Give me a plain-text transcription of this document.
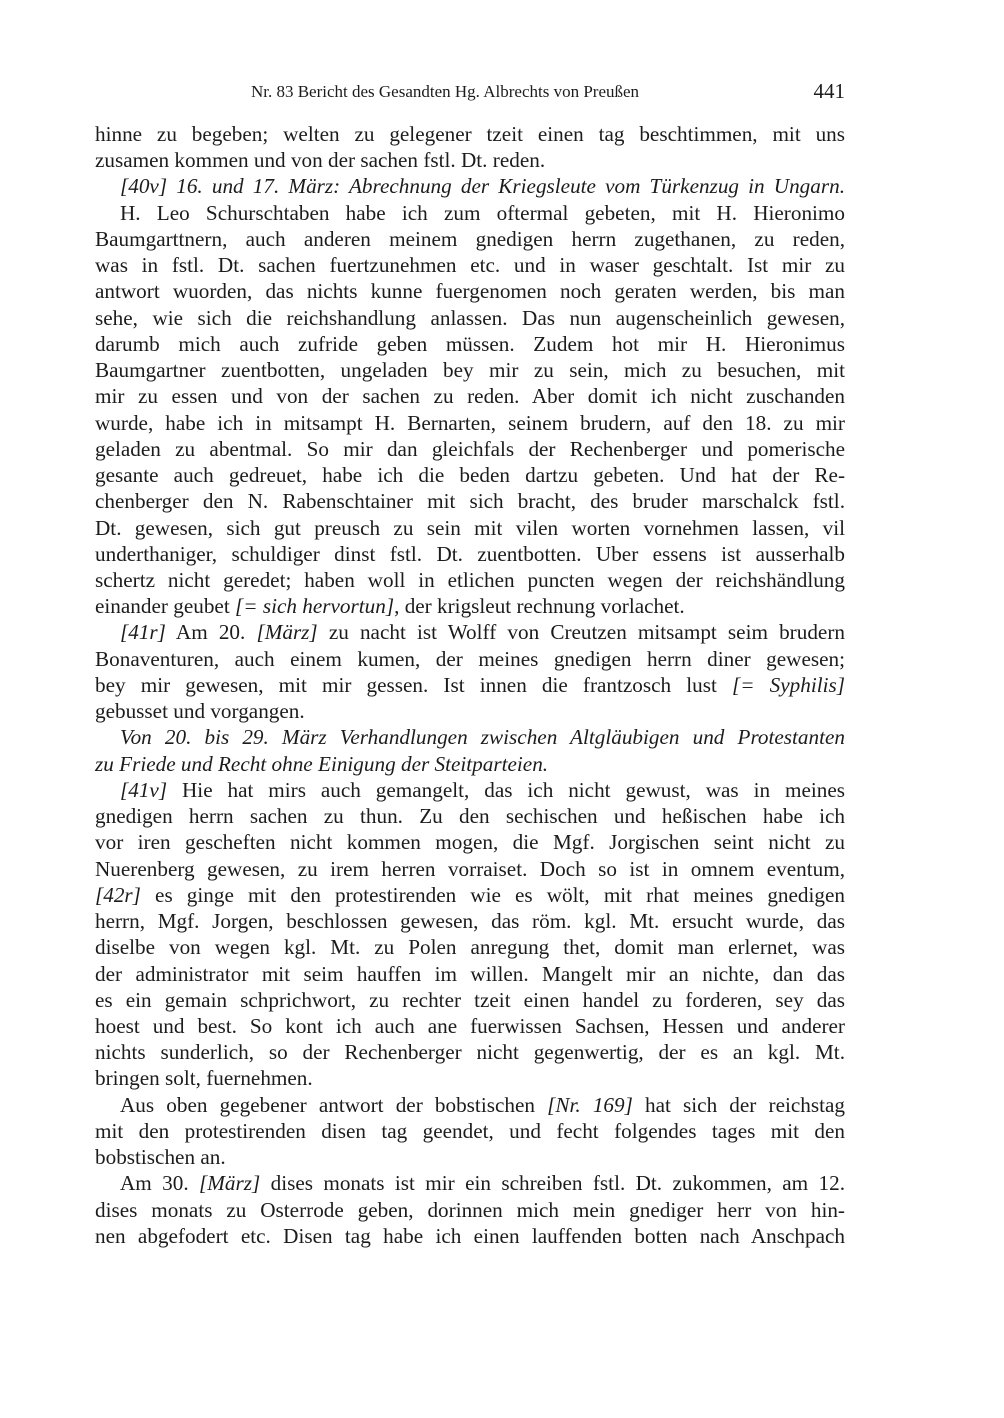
Nr. 83 Bericht des Gesandten Hg. Albrechts von Preußen	441
hinne zu begeben; welten zu gelegener tzeit einen tag beschtimmen, mit uns
zusamen kommen und von der sachen fstl. Dt. reden.
[40v] 16. und 17. März: Abrechnung der Kriegsleute vom Türkenzug in Ungarn.
H. Leo Schurschtaben habe ich zum oftermal gebeten, mit H. Hieronimo
Baumgarttnern, auch anderen meinem gnedigen herrn zugethanen, zu reden,
was in fstl. Dt. sachen fuertzunehmen etc. und in waser geschtalt. Ist mir zu
antwort wuorden, das nichts kunne fuergenomen noch geraten werden, bis man
sehe, wie sich die reichshandlung anlassen. Das nun augenscheinlich gewesen,
darumb mich auch zufride geben müssen. Zudem hot mir H. Hieronimus
Baumgartner zuentbotten, ungeladen bey mir zu sein, mich zu besuchen, mit
mir zu essen und von der sachen zu reden. Aber domit ich nicht zuschanden
wurde, habe ich in mitsampt H. Bernarten, seinem brudern, auf den 18. zu mir
geladen zu abentmal. So mir dan gleichfals der Rechenberger und pomerische
gesante auch gedreuet, habe ich die beden dartzu gebeten. Und hat der Re-
chenberger den N. Rabenschtainer mit sich bracht, des bruder marschalck fstl.
Dt. gewesen, sich gut preusch zu sein mit vilen worten vornehmen lassen, vil
underthaniger, schuldiger dinst fstl. Dt. zuentbotten. Uber essens ist ausserhalb
schertz nicht geredet; haben woll in etlichen puncten wegen der reichshändlung
einander geubet [= sich hervortun], der krigsleut rechnung vorlachet.
[41r] Am 20. [März] zu nacht ist Wolff von Creutzen mitsampt seim brudern
Bonaventuren, auch einem kumen, der meines gnedigen herrn diner gewesen;
bey mir gewesen, mit mir gessen. Ist innen die frantzosch lust [= Syphilis]
gebusset und vorgangen.
Von 20. bis 29. März Verhandlungen zwischen Altgläubigen und Protestanten
zu Friede und Recht ohne Einigung der Steitparteien.
[41v] Hie hat mirs auch gemangelt, das ich nicht gewust, was in meines
gnedigen herrn sachen zu thun. Zu den sechischen und heßischen habe ich
vor iren gescheften nicht kommen mogen, die Mgf. Jorgischen seint nicht zu
Nuerenberg gewesen, zu irem herren vorraiset. Doch so ist in omnem eventum,
[42r] es ginge mit den protestirenden wie es wölt, mit rhat meines gnedigen
herrn, Mgf. Jorgen, beschlossen gewesen, das röm. kgl. Mt. ersucht wurde, das
diselbe von wegen kgl. Mt. zu Polen anregung thet, domit man erlernet, was
der administrator mit seim hauffen im willen. Mangelt mir an nichte, dan das
es ein gemain schprichwort, zu rechter tzeit einen handel zu forderen, sey das
hoest und best. So kont ich auch ane fuerwissen Sachsen, Hessen und anderer
nichts sunderlich, so der Rechenberger nicht gegenwertig, der es an kgl. Mt.
bringen solt, fuernehmen.
Aus oben gegebener antwort der bobstischen [Nr. 169] hat sich der reichstag
mit den protestirenden disen tag geendet, und fecht folgendes tages mit den
bobstischen an.
Am 30. [März] dises monats ist mir ein schreiben fstl. Dt. zukommen, am 12.
dises monats zu Osterrode geben, dorinnen mich mein gnediger herr von hin-
nen abgefodert etc. Disen tag habe ich einen lauffenden botten nach Anschpach
